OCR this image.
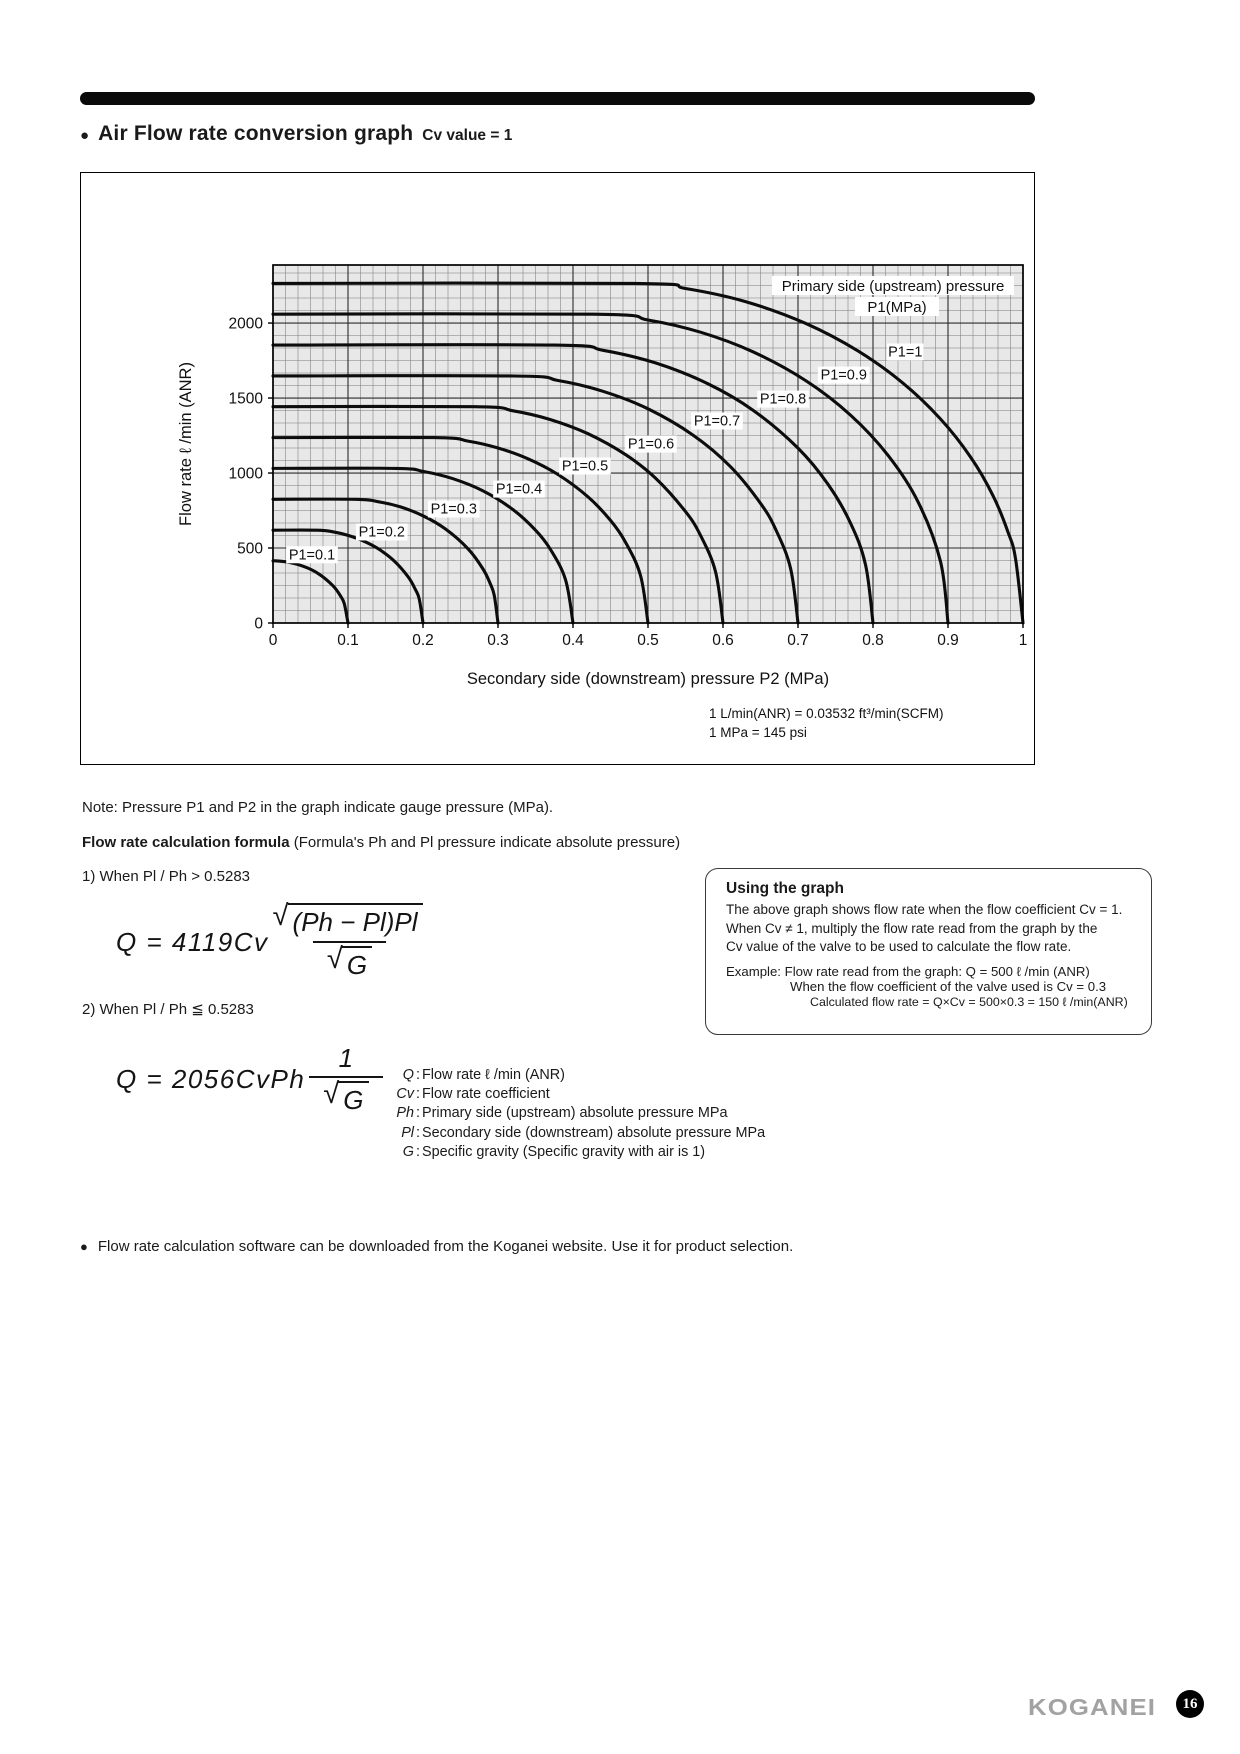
● Air Flow rate conversion graph Cv value = 1
P1=0.1
P1=0.2
P1=0.3
P1=0.4
P1=0.5
P1=0.6
P1=0.7
P1=0.8
P1=0.9
P1=1
Primary side (upstream) pressure
P1(MPa)
0	0.1	0.2	0.3	0.4	0.5	0.6	0.7	0.8	0.9	1
0
500
1000
1500
2000
Secondary side (downstream) pressure P2 (MPa)
Flow rate ℓ /min (ANR)
1 L/min(ANR) = 0.03532 ft³/min(SCFM)
1 MPa = 145 psi
Note: Pressure P1 and P2 in the graph indicate gauge pressure (MPa).
Flow rate calculation formula (Formula's Ph and Pl pressure indicate absolute pressure)
1) When Pl / Ph > 0.5283
$Q = 4119Cv \frac{√ (Ph - Pl)Pl}{√ G}$
Using the graph
The above graph shows flow rate when the flow coefficient Cv = 1.
When Cv ≠ 1, multiply the flow rate read from the graph by the
Cv value of the valve to be used to calculate the flow rate.
Example: Flow rate read from the graph: Q = 500 ℓ /min (ANR)
When the flow coefficient of the valve used is Cv = 0.3
Calculated flow rate = Q×Cv = 500×0.3 = 150 ℓ /min(ANR)
2) When Pl / Ph ≦ 0.5283
Q = 2056CvPh $\frac{1}{√ G}$	Q : Flow rate ℓ /min (ANR)
Cv : Flow rate coefficient
Ph : Primary side (upstream) absolute pressure MPa
Pl : Secondary side (downstream) absolute pressure MPa
G : Specific gravity (Specific gravity with air is 1)
● Flow rate calculation software can be downloaded from the Koganei website. Use it for product selection.
KOGANEI	16
